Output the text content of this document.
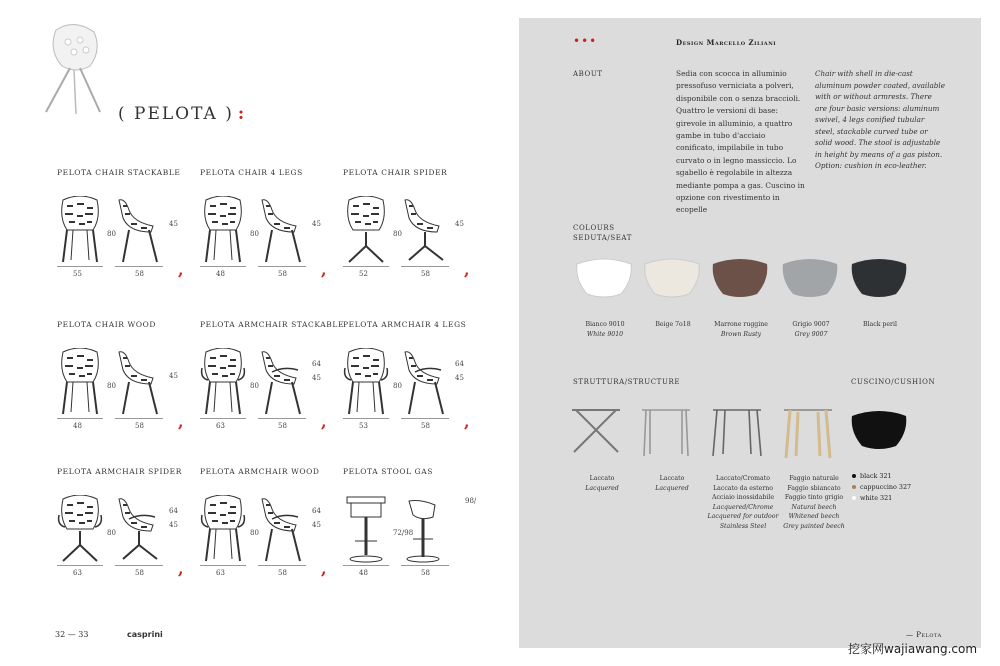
( PELOTA ) :
PELOTA CHAIR STACKABLE
55	58
80
45
,
PELOTA CHAIR 4 LEGS
48	58
80
45
,
PELOTA CHAIR SPIDER
52	58
80
45
,
PELOTA CHAIR WOOD
48	58
80
45
,
PELOTA ARMCHAIR STACKABLE
63	58
80
45
64
,
PELOTA ARMCHAIR 4 LEGS
53	58
80
45
64
,
PELOTA ARMCHAIR SPIDER
63	58
80
45
64
,
PELOTA ARMCHAIR WOOD
63	58
80
45
64
,
PELOTA STOOL GAS
48	58
72/98
98/
32 — 33	casprini
•••	Design Marcello Ziliani
ABOUT	Sedia con scocca in alluminio pressofuso verniciata a polveri, disponibile con o senza braccioli. Quattro le versioni di base: girevole in alluminio, a quattro gambe in tubo d'acciaio conificato, impilabile in tubo curvato o in legno massiccio. Lo sgabello è regolabile in altezza mediante pompa a gas. Cuscino in opzione con rivestimento in ecopelle
Chair with shell in die-cast aluminum powder coated, available with or without armrests. There are four basic versions: aluminum swivel, 4 legs conified tubular steel, stackable curved tube or solid wood. The stool is adjustable in height by means of a gas piston. Option: cushion in eco-leather.
COLOURS
SEDUTA/SEAT
Bianco 9010
White 9010
Beige 7o18	Marrone ruggine
Brown Rusty
Grigio 9007
Grey 9007
Black peril
STRUTTURA/STRUCTURE	CUSCINO/CUSHION
Laccato
Lacquered
Laccato
Lacquered
Laccato/Cromato
Laccato da esterno
Acciaio inossidabile
Lacquered/Chrome
Lacquered for outdoor
Stainless Steel
Faggio naturale
Faggio sbiancato
Faggio tinto grigio
Natural beech
Whitened beech
Grey painted beech
black 321
cappuccino 327
white 321
— Pelota
挖家网wajiawang.com
